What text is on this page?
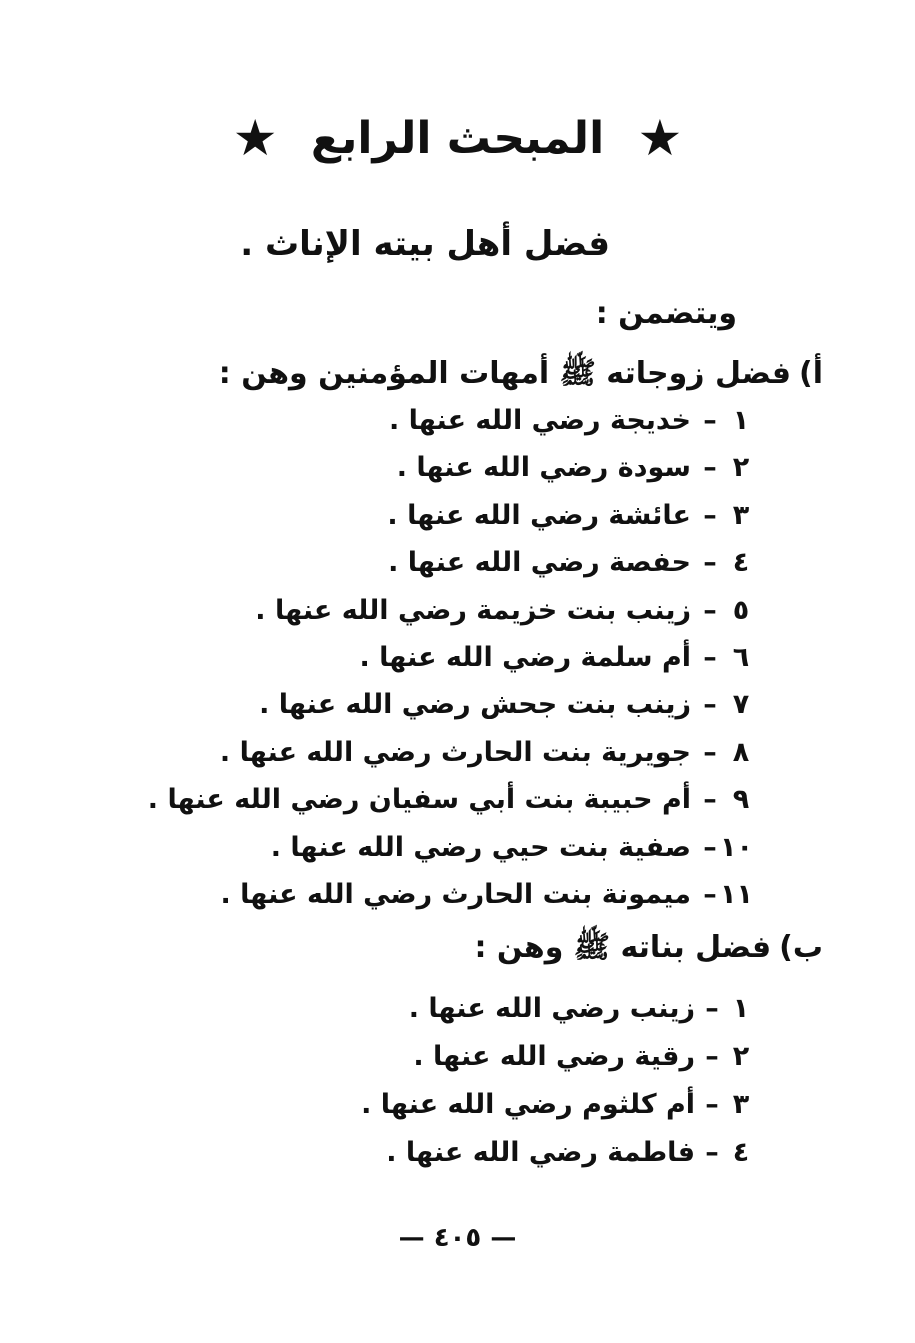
★ المبحث الرابع ★
فضل أهل بيته الإناث .
ويتضمن :
أ)فضل زوجاته ﷺ أمهات المؤمنين وهن :
١
–
خديجة رضي الله عنها .
٢
–
سودة رضي الله عنها .
٣
–
عائشة رضي الله عنها .
٤
–
حفصة رضي الله عنها .
٥
–
زينب بنت خزيمة رضي الله عنها .
٦
–
أم سلمة رضي الله عنها .
٧
–
زينب بنت جحش رضي الله عنها .
٨
–
جويرية بنت الحارث رضي الله عنها .
٩
–
أم حبيبة بنت أبي سفيان رضي الله عنها .
١٠
–
صفية بنت حيي رضي الله عنها .
١١
–
ميمونة بنت الحارث رضي الله عنها .
ب)فضل بناته ﷺ وهن :
١
–
زينب رضي الله عنها .
٢
–
رقية رضي الله عنها .
٣
–
أم كلثوم رضي الله عنها .
٤
–
فاطمة رضي الله عنها .
— ٤٠٥ —
